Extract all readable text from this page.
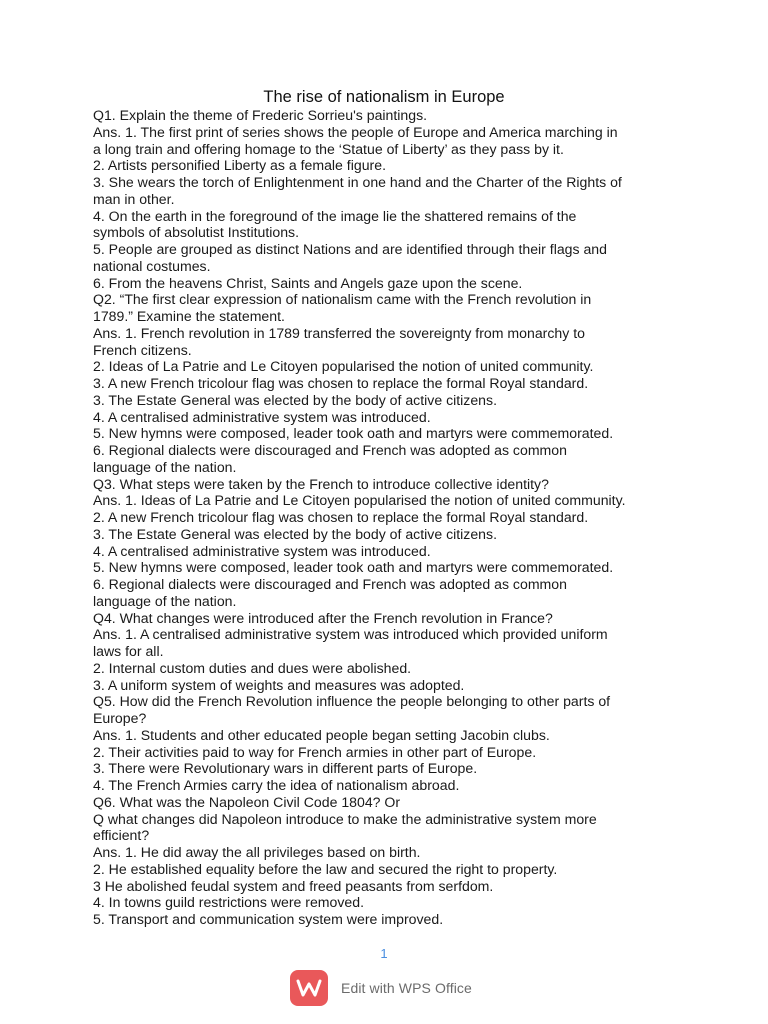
The rise of nationalism in Europe
Q1. Explain the theme of Frederic Sorrieu's paintings.
Ans. 1. The first print of series shows the people of Europe and America marching in
a long train and offering homage to the ‘Statue of Liberty’ as they pass by it.
2. Artists personified Liberty as a female figure.
3. She wears the torch of Enlightenment in one hand and the Charter of the Rights of
man in other.
4. On the earth in the foreground of the image lie the shattered remains of the
symbols of absolutist Institutions.
5. People are grouped as distinct Nations and are identified through their flags and
national costumes.
6. From the heavens Christ, Saints and Angels gaze upon the scene.
Q2. “The first clear expression of nationalism came with the French revolution in
1789.” Examine the statement.
Ans. 1. French revolution in 1789 transferred the sovereignty from monarchy to
French citizens.
2. Ideas of La Patrie and Le Citoyen popularised the notion of united community.
3. A new French tricolour flag was chosen to replace the formal Royal standard.
3. The Estate General was elected by the body of active citizens.
4. A centralised administrative system was introduced.
5. New hymns were composed, leader took oath and martyrs were commemorated.
6. Regional dialects were discouraged and French was adopted as common
language of the nation.
Q3. What steps were taken by the French to introduce collective identity?
Ans. 1. Ideas of La Patrie and Le Citoyen popularised the notion of united community.
2. A new French tricolour flag was chosen to replace the formal Royal standard.
3. The Estate General was elected by the body of active citizens.
4. A centralised administrative system was introduced.
5. New hymns were composed, leader took oath and martyrs were commemorated.
6. Regional dialects were discouraged and French was adopted as common
language of the nation.
Q4. What changes were introduced after the French revolution in France?
Ans. 1. A centralised administrative system was introduced which provided uniform
laws for all.
2. Internal custom duties and dues were abolished.
3. A uniform system of weights and measures was adopted.
Q5. How did the French Revolution influence the people belonging to other parts of
Europe?
Ans. 1. Students and other educated people began setting Jacobin clubs.
2. Their activities paid to way for French armies in other part of Europe.
3. There were Revolutionary wars in different parts of Europe.
4. The French Armies carry the idea of nationalism abroad.
Q6. What was the Napoleon Civil Code 1804? Or
Q what changes did Napoleon introduce to make the administrative system more
efficient?
Ans. 1. He did away the all privileges based on birth.
2. He established equality before the law and secured the right to property.
3 He abolished feudal system and freed peasants from serfdom.
4. In towns guild restrictions were removed.
5. Transport and communication system were improved.
1
Edit with WPS Office
